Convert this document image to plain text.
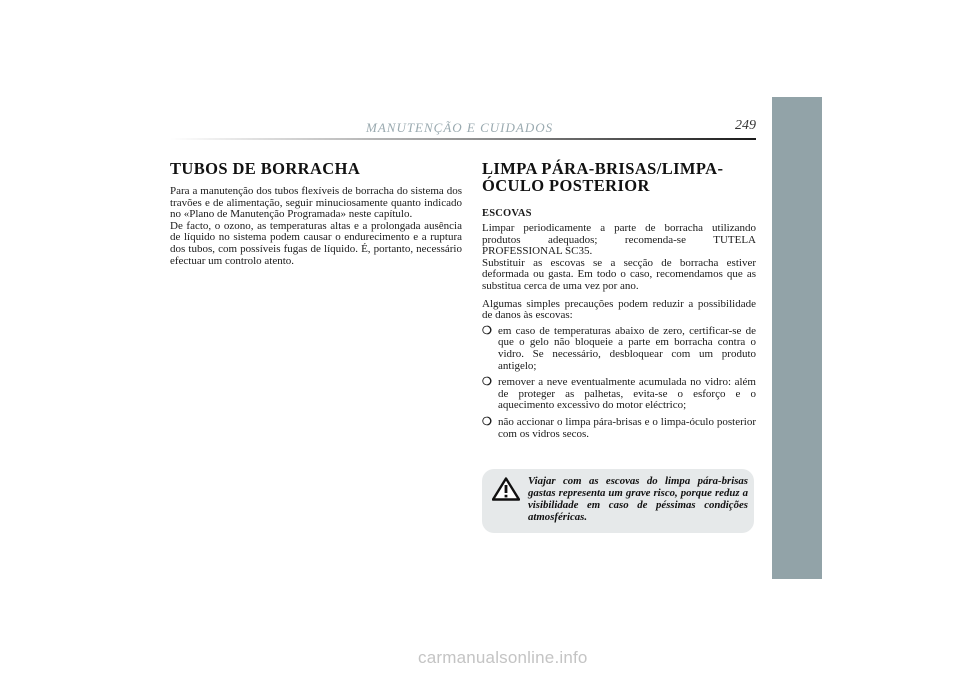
MANUTENÇÃO E CUIDADOS	249
TUBOS DE BORRACHA

Para a manutenção dos tubos flexíveis de borracha do sistema dos travões e de alimentação, seguir minuciosamente quanto indicado no «Plano de Manutenção Programada» neste capítulo.

De facto, o ozono, as temperaturas altas e a prolongada ausência de líquido no sistema podem causar o endurecimento e a ruptura dos tubos, com possíveis fugas de líquido. É, portanto, necessário efectuar um controlo atento.

LIMPA PÁRA-BRISAS/LIMPA-ÓCULO POSTERIOR
ESCOVAS

Limpar periodicamente a parte de borracha utilizando produtos adequados; recomenda-se TUTELA PROFESSIONAL SC35.

Substituir as escovas se a secção de borracha estiver deformada ou gasta. Em todo o caso, recomendamos que as substitua cerca de uma vez por ano.

Algumas simples precauções podem reduzir a possibilidade de danos às escovas:

❍ em caso de temperaturas abaixo de zero, certificar-se de que o gelo não bloqueie a parte em borracha contra o vidro. Se necessário, desbloquear com um produto antigelo;
❍ remover a neve eventualmente acumulada no vidro: além de proteger as palhetas, evita-se o esforço e o aquecimento excessivo do motor eléctrico;
❍ não accionar o limpa pára-brisas e o limpa-óculo posterior com os vidros secos.

Viajar com as escovas do limpa pára-brisas gastas representa um grave risco, porque reduz a visibilidade em caso de péssimas condições atmosféricas.

carmanualsonline.info
